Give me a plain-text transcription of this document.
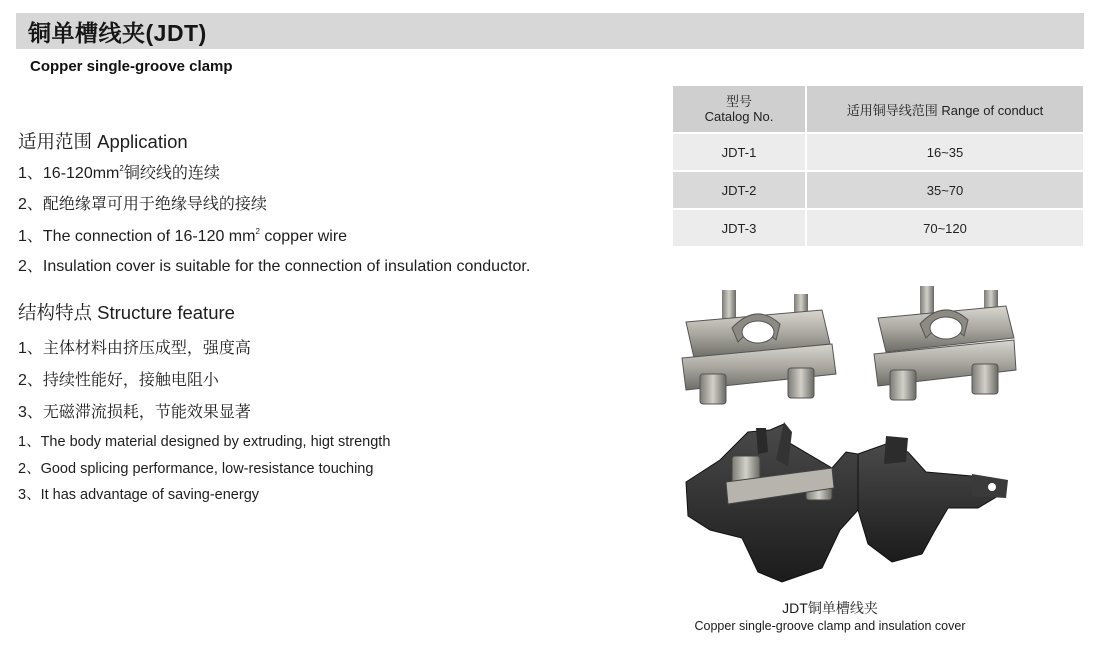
铜单槽线夹(JDT)
Copper single-groove clamp
适用范围 Application
1、$16-120mm^2$铜绞线的连续
2、配绝缘罩可用于绝缘导线的接续
1、The connection of 16-120 $mm^2$ copper wire
2、Insulation cover is suitable for the connection of insulation conductor.
结构特点 Structure feature
1、主体材料由挤压成型，强度高
2、持续性能好，接触电阻小
3、无磁滞流损耗，节能效果显著
1、The body material designed by extruding, higt strength
2、Good splicing performance, low-resistance touching
3、It has advantage of saving-energy
型号
Catalog No.	适用铜导线范围 Range of conduct
JDT-1	16~35
JDT-2	35~70
JDT-3	70~120
JDT铜单槽线夹
Copper single-groove clamp and insulation cover
